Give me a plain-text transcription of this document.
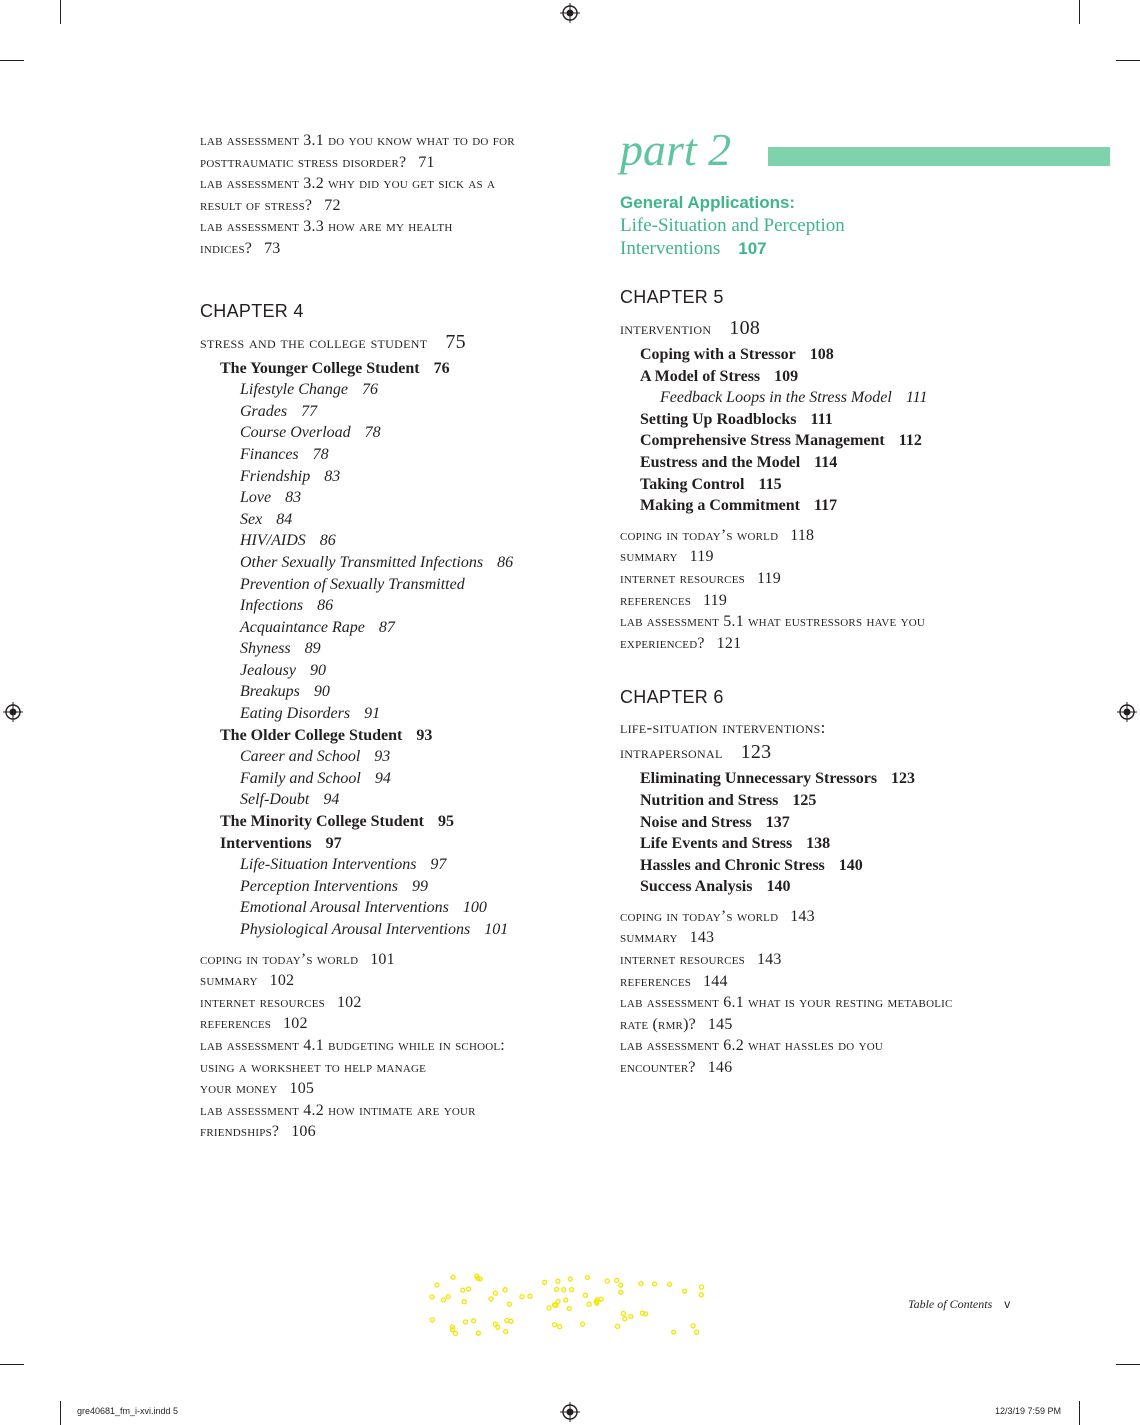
lab assessment 3.1 do you know what to do for
posttraumatic stress disorder? 71
lab assessment 3.2 why did you get sick as a
result of stress? 72
lab assessment 3.3 how are my health
indices? 73
CHAPTER 4
stress and the college student 75
The Younger College Student 76
Lifestyle Change 76
Grades 77
Course Overload 78
Finances 78
Friendship 83
Love 83
Sex 84
HIV/AIDS 86
Other Sexually Transmitted Infections 86
Prevention of Sexually Transmitted
Infections 86
Acquaintance Rape 87
Shyness 89
Jealousy 90
Breakups 90
Eating Disorders 91
The Older College Student 93
Career and School 93
Family and School 94
Self-Doubt 94
The Minority College Student 95
Interventions 97
Life-Situation Interventions 97
Perception Interventions 99
Emotional Arousal Interventions 100
Physiological Arousal Interventions 101
coping in today’s world 101
summary 102
internet resources 102
references 102
lab assessment 4.1 budgeting while in school:
using a worksheet to help manage
your money 105
lab assessment 4.2 how intimate are your
friendships? 106
part 2
General Applications:
Life-Situation and Perception
Interventions 107
CHAPTER 5
intervention 108
Coping with a Stressor 108
A Model of Stress 109
Feedback Loops in the Stress Model 111
Setting Up Roadblocks 111
Comprehensive Stress Management 112
Eustress and the Model 114
Taking Control 115
Making a Commitment 117
coping in today’s world 118
summary 119
internet resources 119
references 119
lab assessment 5.1 what eustressors have you
experienced? 121
CHAPTER 6
life-situation interventions:
intrapersonal 123
Eliminating Unnecessary Stressors 123
Nutrition and Stress 125
Noise and Stress 137
Life Events and Stress 138
Hassles and Chronic Stress 140
Success Analysis 140
coping in today’s world 143
summary 143
internet resources 143
references 144
lab assessment 6.1 what is your resting metabolic
rate (rmr)? 145
lab assessment 6.2 what hassles do you
encounter? 146
Table of Contents v
gre40681_fm_i-xvi.indd 5	12/3/19 7:59 PM
